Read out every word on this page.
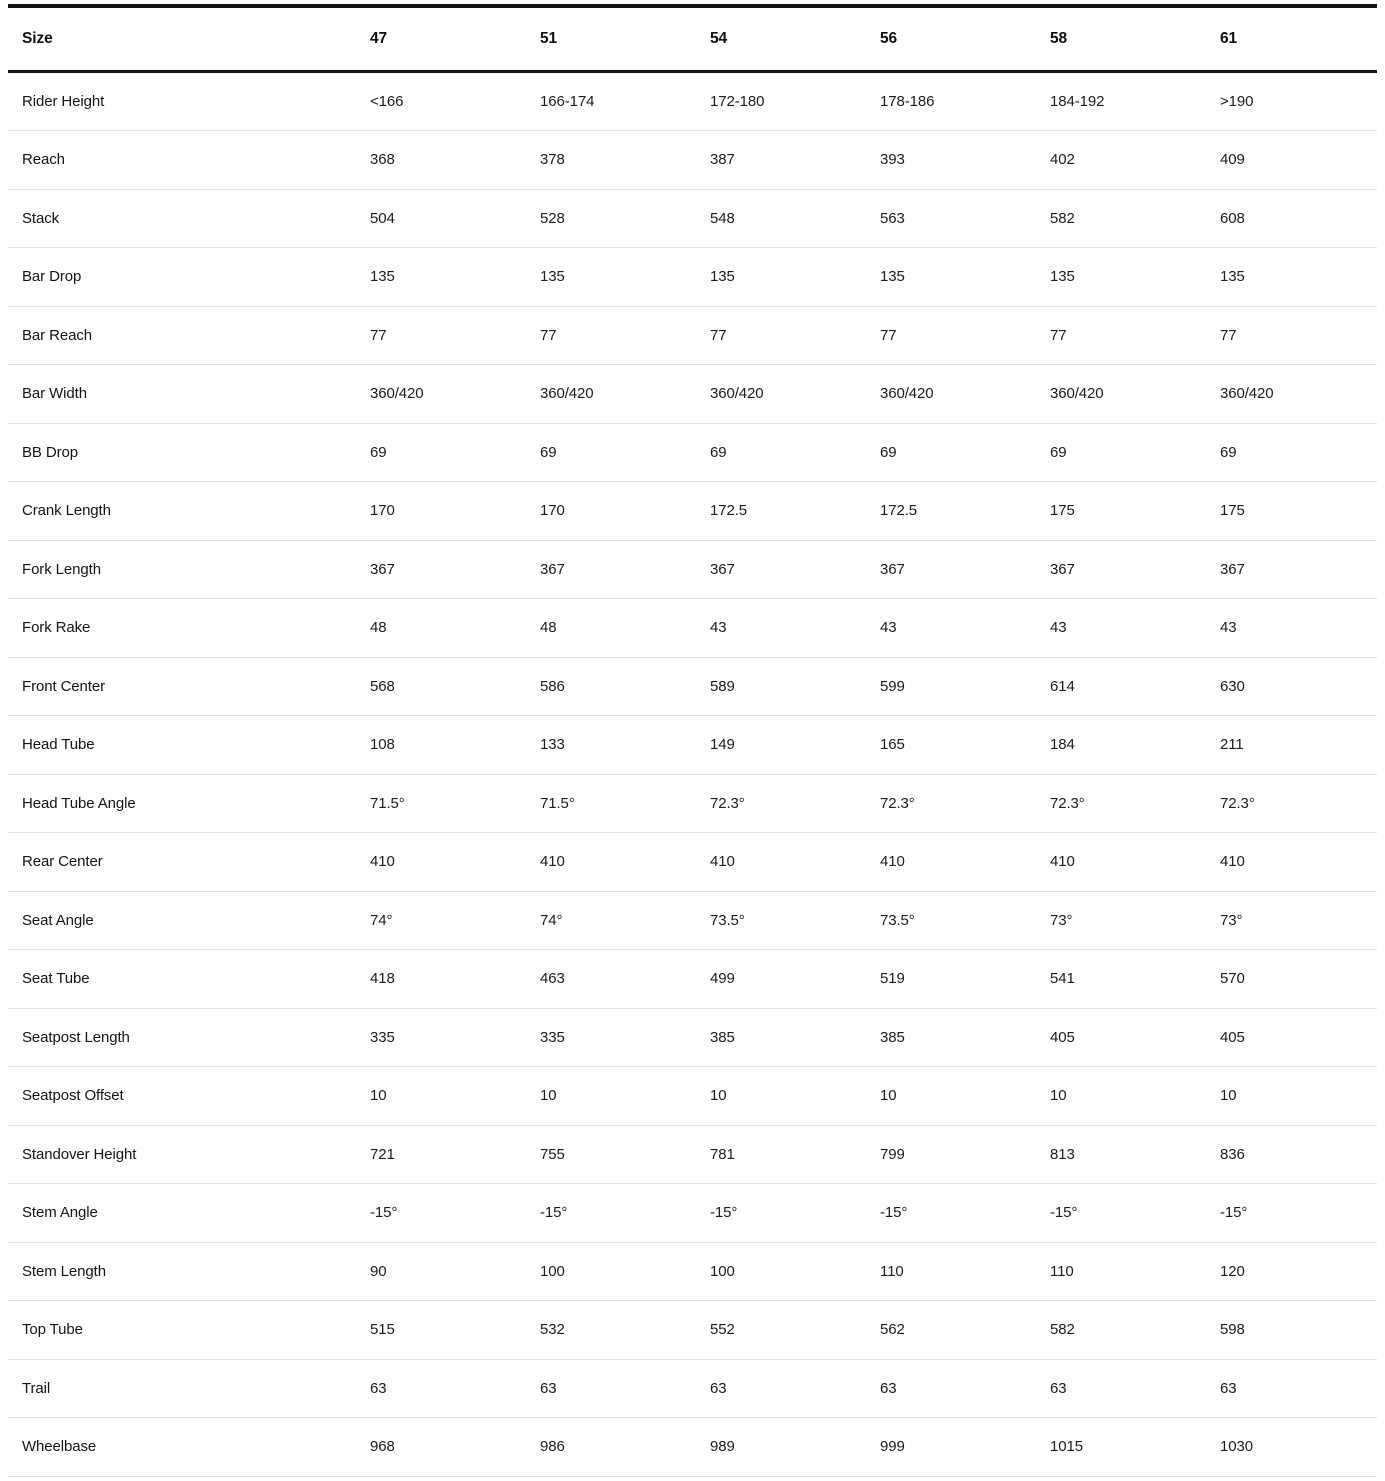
Size	47	51	54	56	58	61
Rider Height	<166	166-174	172-180	178-186	184-192	>190
Reach	368	378	387	393	402	409
Stack	504	528	548	563	582	608
Bar Drop	135	135	135	135	135	135
Bar Reach	77	77	77	77	77	77
Bar Width	360/420	360/420	360/420	360/420	360/420	360/420
BB Drop	69	69	69	69	69	69
Crank Length	170	170	172.5	172.5	175	175
Fork Length	367	367	367	367	367	367
Fork Rake	48	48	43	43	43	43
Front Center	568	586	589	599	614	630
Head Tube	108	133	149	165	184	211
Head Tube Angle	71.5°	71.5°	72.3°	72.3°	72.3°	72.3°
Rear Center	410	410	410	410	410	410
Seat Angle	74°	74°	73.5°	73.5°	73°	73°
Seat Tube	418	463	499	519	541	570
Seatpost Length	335	335	385	385	405	405
Seatpost Offset	10	10	10	10	10	10
Standover Height	721	755	781	799	813	836
Stem Angle	-15°	-15°	-15°	-15°	-15°	-15°
Stem Length	90	100	100	110	110	120
Top Tube	515	532	552	562	582	598
Trail	63	63	63	63	63	63
Wheelbase	968	986	989	999	1015	1030
